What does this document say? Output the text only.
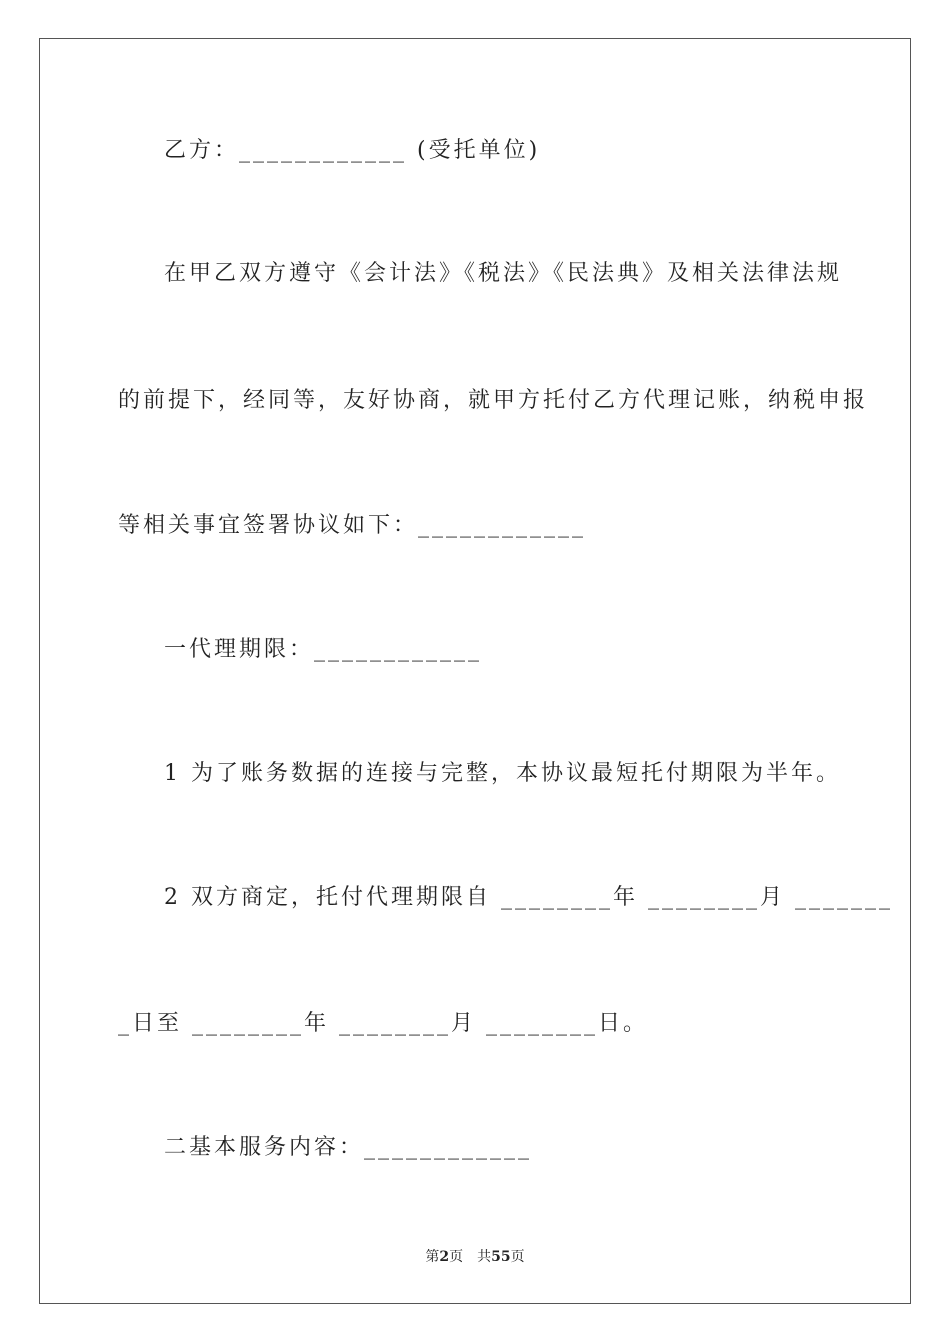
乙方：____________ (受托单位)
在甲乙双方遵守《会计法》《税法》《民法典》及相关法律法规
的前提下，经同等，友好协商，就甲方托付乙方代理记账，纳税申报
等相关事宜签署协议如下：____________
一代理期限：____________
1 为了账务数据的连接与完整，本协议最短托付期限为半年。
2 双方商定，托付代理期限自 ________年 ________月 _______
_日至 ________年 ________月 ________日。
二基本服务内容：____________
第2页　共55页
